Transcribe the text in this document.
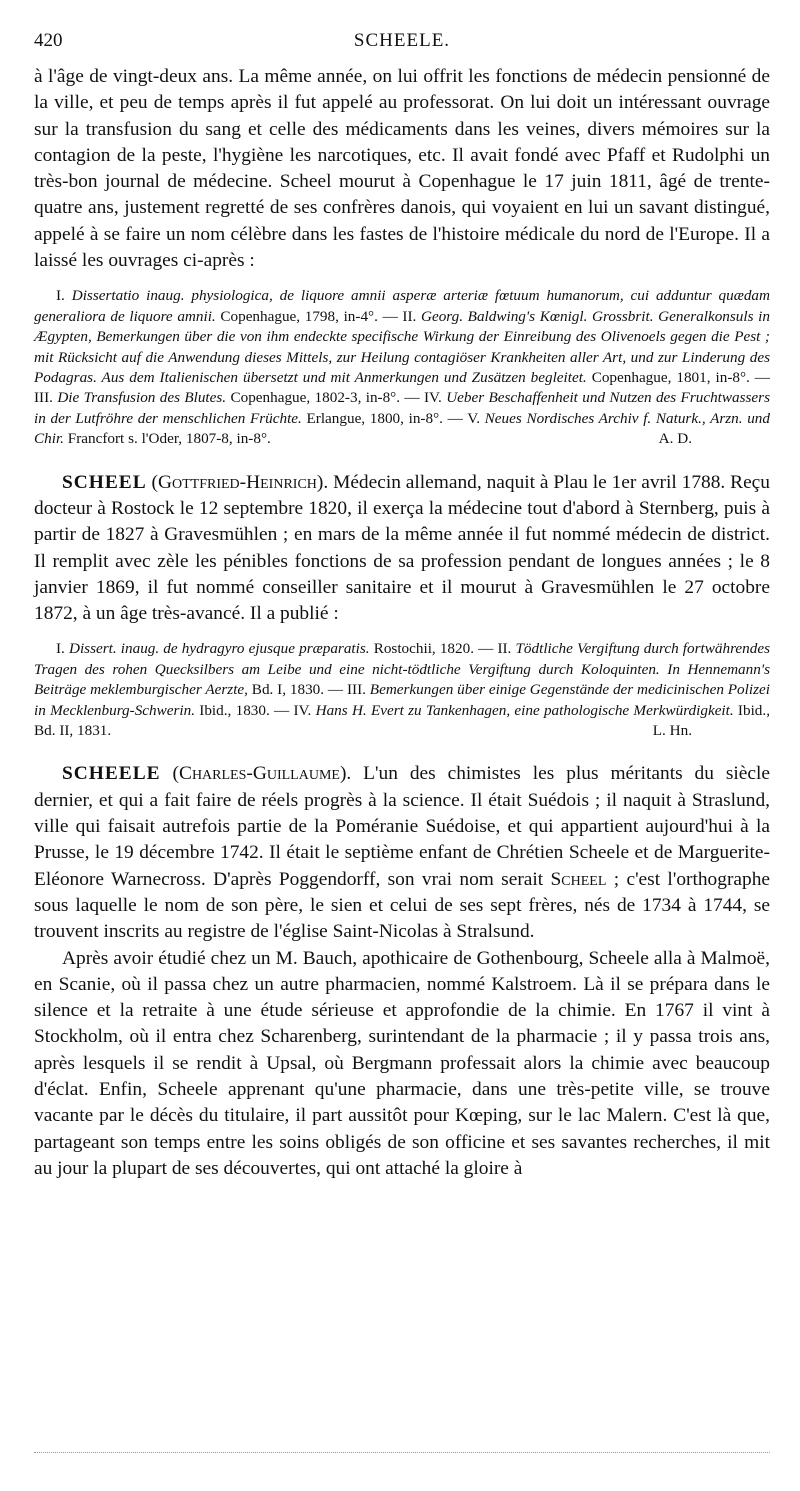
420	SCHEELE.

à l'âge de vingt-deux ans. La même année, on lui offrit les fonctions de médecin pensionné de la ville, et peu de temps après il fut appelé au professorat. On lui doit un intéressant ouvrage sur la transfusion du sang et celle des médicaments dans les veines, divers mémoires sur la contagion de la peste, l'hygiène les narcotiques, etc. Il avait fondé avec Pfaff et Rudolphi un très-bon journal de médecine. Scheel mourut à Copenhague le 17 juin 1811, âgé de trente-quatre ans, justement regretté de ses confrères danois, qui voyaient en lui un savant distingué, appelé à se faire un nom célèbre dans les fastes de l'histoire médicale du nord de l'Europe. Il a laissé les ouvrages ci-après :

I. Dissertatio inaug. physiologica, de liquore amnii asperæ arteriæ fœtuum humanorum, cui adduntur quædam generaliora de liquore amnii. Copenhague, 1798, in-4°. — II. Georg. Baldwing's Kœnigl. Grossbrit. Generalkonsuls in Ægypten, Bemerkungen über die von ihm endeckte specifische Wirkung der Einreibung des Olivenoels gegen die Pest ; mit Rücksicht auf die Anwendung dieses Mittels, zur Heilung contagiöser Krankheiten aller Art, und zur Linderung des Podagras. Aus dem Italienischen übersetzt und mit Anmerkungen und Zusätzen begleitet. Copenhague, 1801, in-8°. — III. Die Transfusion des Blutes. Copenhague, 1802-3, in-8°. — IV. Ueber Beschaffenheit und Nutzen des Fruchtwassers in der Lutfröhre der menschlichen Früchte. Erlangue, 1800, in-8°. — V. Neues Nordisches Archiv f. Naturk., Arzn. und Chir. Francfort s. l'Oder, 1807-8, in-8°.	A. D.

SCHEEL (Gottfried-Heinrich). Médecin allemand, naquit à Plau le 1er avril 1788. Reçu docteur à Rostock le 12 septembre 1820, il exerça la médecine tout d'abord à Sternberg, puis à partir de 1827 à Gravesmühlen ; en mars de la même année il fut nommé médecin de district. Il remplit avec zèle les pénibles fonctions de sa profession pendant de longues années ; le 8 janvier 1869, il fut nommé conseiller sanitaire et il mourut à Gravesmühlen le 27 octobre 1872, à un âge très-avancé. Il a publié :

I. Dissert. inaug. de hydragyro ejusque præparatis. Rostochii, 1820. — II. Tödtliche Vergiftung durch fortwährendes Tragen des rohen Quecksilbers am Leibe und eine nicht-tödtliche Vergiftung durch Koloquinten. In Hennemann's Beiträge meklemburgischer Aerzte, Bd. I, 1830. — III. Bemerkungen über einige Gegenstände der medicinischen Polizei in Mecklenburg-Schwerin. Ibid., 1830. — IV. Hans H. Evert zu Tankenhagen, eine pathologische Merkwürdigkeit. Ibid., Bd. II, 1831.	L. Hn.

SCHEELE (Charles-Guillaume). L'un des chimistes les plus méritants du siècle dernier, et qui a fait faire de réels progrès à la science. Il était Suédois ; il naquit à Straslund, ville qui faisait autrefois partie de la Poméranie Suédoise, et qui appartient aujourd'hui à la Prusse, le 19 décembre 1742. Il était le septième enfant de Chrétien Scheele et de Marguerite-Eléonore Warnecross. D'après Poggendorff, son vrai nom serait Scheel ; c'est l'orthographe sous laquelle le nom de son père, le sien et celui de ses sept frères, nés de 1734 à 1744, se trouvent inscrits au registre de l'église Saint-Nicolas à Stralsund.

Après avoir étudié chez un M. Bauch, apothicaire de Gothenbourg, Scheele alla à Malmoë, en Scanie, où il passa chez un autre pharmacien, nommé Kalstroem. Là il se prépara dans le silence et la retraite à une étude sérieuse et approfondie de la chimie. En 1767 il vint à Stockholm, où il entra chez Scharenberg, surintendant de la pharmacie ; il y passa trois ans, après lesquels il se rendit à Upsal, où Bergmann professait alors la chimie avec beaucoup d'éclat. Enfin, Scheele apprenant qu'une pharmacie, dans une très-petite ville, se trouve vacante par le décès du titulaire, il part aussitôt pour Kœping, sur le lac Malern. C'est là que, partageant son temps entre les soins obligés de son officine et ses savantes recherches, il mit au jour la plupart de ses découvertes, qui ont attaché la gloire à
